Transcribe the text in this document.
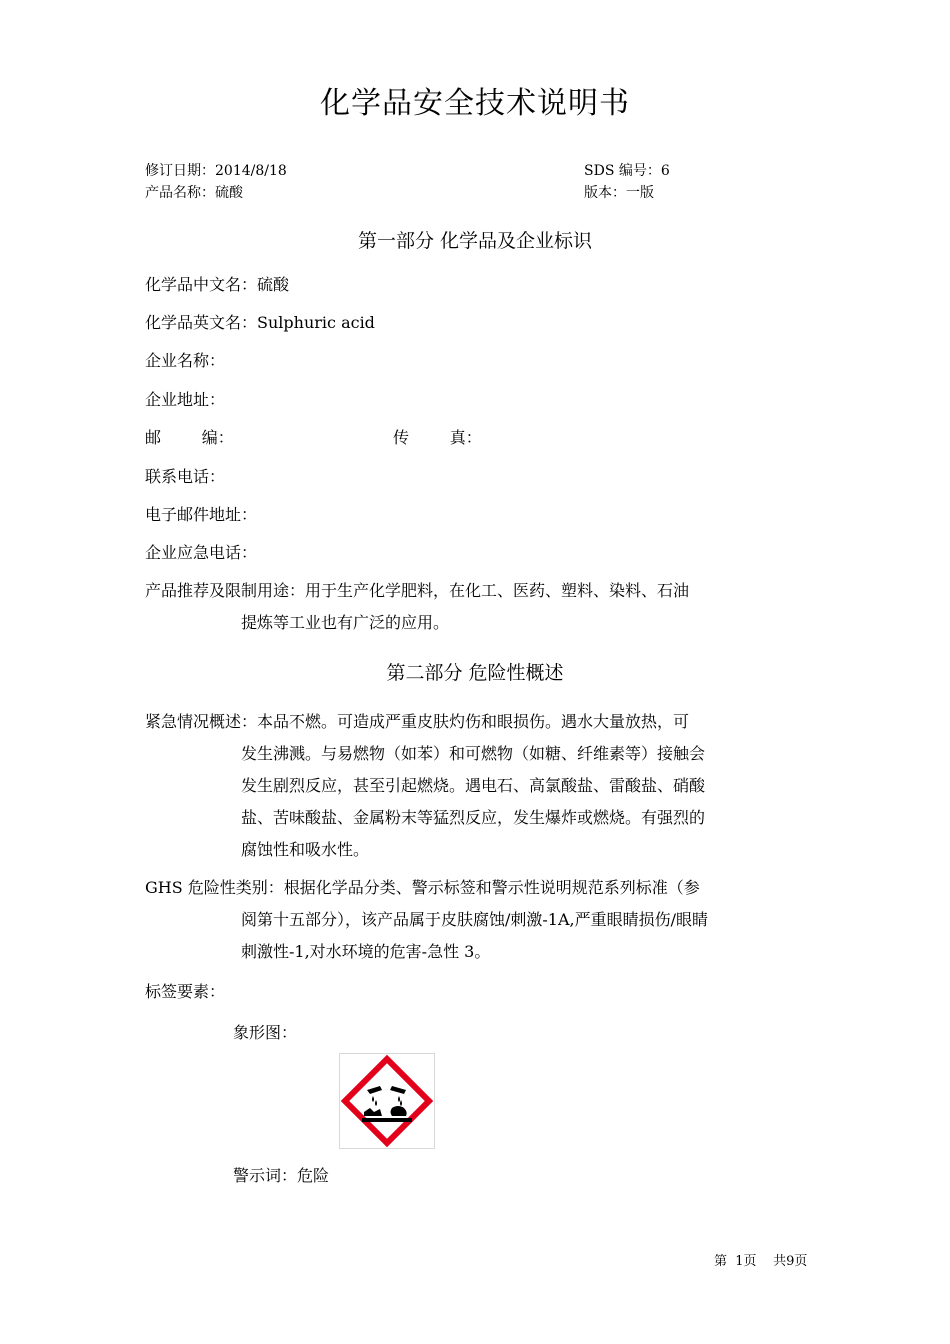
化学品安全技术说明书
修订日期：2014/8/18
产品名称：硫酸
SDS 编号：6
版本：一版
第一部分 化学品及企业标识
化学品中文名：硫酸
化学品英文名：Sulphuric acid
企业名称：
企业地址：
邮        编：	传        真：
联系电话：
电子邮件地址：
企业应急电话：
产品推荐及限制用途：用于生产化学肥料，在化工、医药、塑料、染料、石油
提炼等工业也有广泛的应用。
第二部分 危险性概述
紧急情况概述：本品不燃。可造成严重皮肤灼伤和眼损伤。遇水大量放热，可
发生沸溅。与易燃物（如苯）和可燃物（如糖、纤维素等）接触会
发生剧烈反应，甚至引起燃烧。遇电石、高氯酸盐、雷酸盐、硝酸
盐、苦味酸盐、金属粉末等猛烈反应，发生爆炸或燃烧。有强烈的
腐蚀性和吸水性。
GHS 危险性类别：根据化学品分类、警示标签和警示性说明规范系列标准（参
阅第十五部分），该产品属于皮肤腐蚀/刺激-1A,严重眼睛损伤/眼睛
刺激性-1,对水环境的危害-急性 3。
标签要素：
象形图：
警示词：危险
第  1页    共9页
